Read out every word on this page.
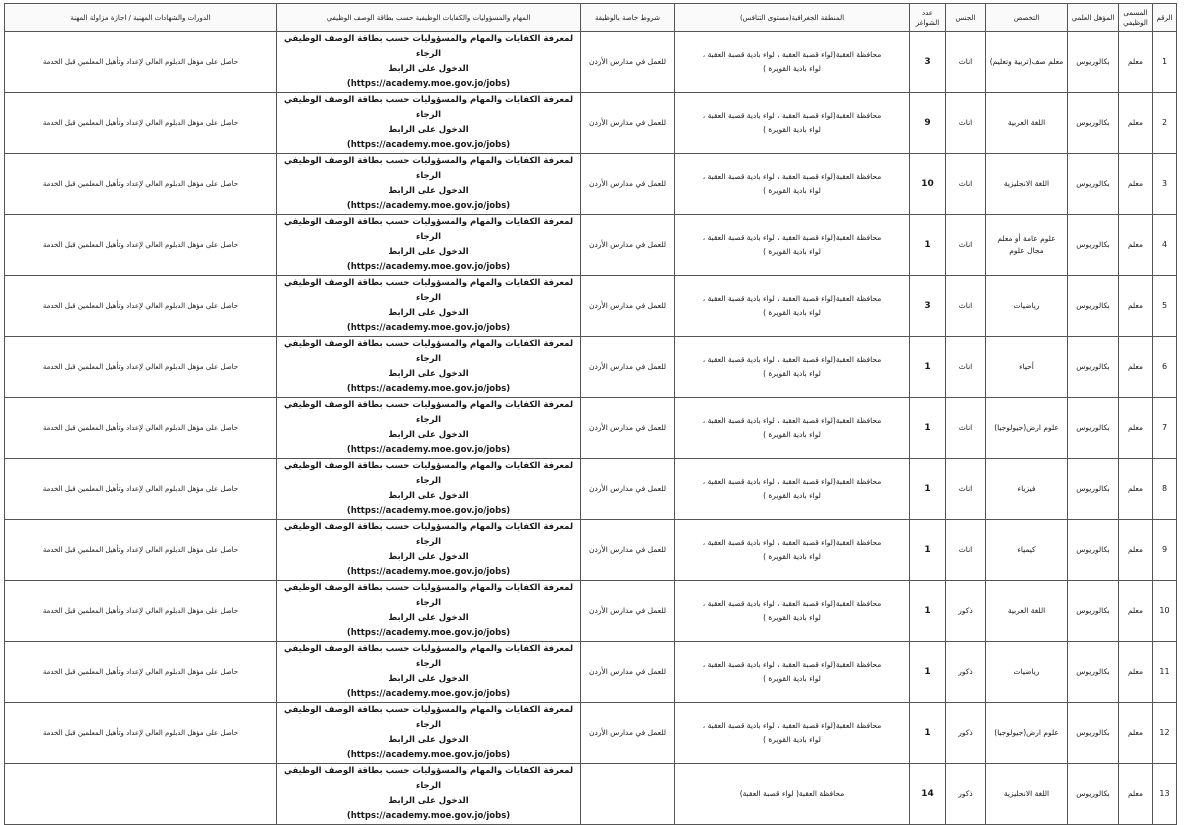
الرقم	المسمى الوظيفي	المؤهل العلمي	التخصص	الجنس	عدد الشواغر	المنطقة الجغرافية(مستوى التنافس)	شروط خاصة بالوظيفة	المهام والمسؤوليات والكفايات الوظيفية حسب بطاقة الوصف الوظيفي	الدورات والشهادات المهنية / اجازة مزاولة المهنة
1	معلم	بكالوريوس	معلم صف(تربية وتعليم)	اناث	3	محافظة العقبة(لواء قصبة العقبة ، لواء بادية قصبة العقبة ،
لواء بادية القويرة )	للعمل في مدارس الأردن	لمعرفة الكفايات والمهام والمسؤوليات حسب بطاقة الوصف الوظيفي الرجاء
الدخول على الرابط
(https://academy.moe.gov.jo/jobs)	حاصل على مؤهل الدبلوم العالي لإعداد وتأهيل المعلمين قبل الخدمة
2	معلم	بكالوريوس	اللغة العربية	اناث	9	محافظة العقبة(لواء قصبة العقبة ، لواء بادية قصبة العقبة ،
لواء بادية القويرة )	للعمل في مدارس الأردن	لمعرفة الكفايات والمهام والمسؤوليات حسب بطاقة الوصف الوظيفي الرجاء
الدخول على الرابط
(https://academy.moe.gov.jo/jobs)	حاصل على مؤهل الدبلوم العالي لإعداد وتأهيل المعلمين قبل الخدمة
3	معلم	بكالوريوس	اللغة الانجليزية	اناث	10	محافظة العقبة(لواء قصبة العقبة ، لواء بادية قصبة العقبة ،
لواء بادية القويرة )	للعمل في مدارس الأردن	لمعرفة الكفايات والمهام والمسؤوليات حسب بطاقة الوصف الوظيفي الرجاء
الدخول على الرابط
(https://academy.moe.gov.jo/jobs)	حاصل على مؤهل الدبلوم العالي لإعداد وتأهيل المعلمين قبل الخدمة
4	معلم	بكالوريوس	علوم عامة أو معلم مجال علوم	اناث	1	محافظة العقبة(لواء قصبة العقبة ، لواء بادية قصبة العقبة ،
لواء بادية القويرة )	للعمل في مدارس الأردن	لمعرفة الكفايات والمهام والمسؤوليات حسب بطاقة الوصف الوظيفي الرجاء
الدخول على الرابط
(https://academy.moe.gov.jo/jobs)	حاصل على مؤهل الدبلوم العالي لإعداد وتأهيل المعلمين قبل الخدمة
5	معلم	بكالوريوس	رياضيات	اناث	3	محافظة العقبة(لواء قصبة العقبة ، لواء بادية قصبة العقبة ،
لواء بادية القويرة )	للعمل في مدارس الأردن	لمعرفة الكفايات والمهام والمسؤوليات حسب بطاقة الوصف الوظيفي الرجاء
الدخول على الرابط
(https://academy.moe.gov.jo/jobs)	حاصل على مؤهل الدبلوم العالي لإعداد وتأهيل المعلمين قبل الخدمة
6	معلم	بكالوريوس	أحياء	اناث	1	محافظة العقبة(لواء قصبة العقبة ، لواء بادية قصبة العقبة ،
لواء بادية القويرة )	للعمل في مدارس الأردن	لمعرفة الكفايات والمهام والمسؤوليات حسب بطاقة الوصف الوظيفي الرجاء
الدخول على الرابط
(https://academy.moe.gov.jo/jobs)	حاصل على مؤهل الدبلوم العالي لإعداد وتأهيل المعلمين قبل الخدمة
7	معلم	بكالوريوس	علوم ارض(جيولوجيا)	اناث	1	محافظة العقبة(لواء قصبة العقبة ، لواء بادية قصبة العقبة ،
لواء بادية القويرة )	للعمل في مدارس الأردن	لمعرفة الكفايات والمهام والمسؤوليات حسب بطاقة الوصف الوظيفي الرجاء
الدخول على الرابط
(https://academy.moe.gov.jo/jobs)	حاصل على مؤهل الدبلوم العالي لإعداد وتأهيل المعلمين قبل الخدمة
8	معلم	بكالوريوس	فيزياء	اناث	1	محافظة العقبة(لواء قصبة العقبة ، لواء بادية قصبة العقبة ،
لواء بادية القويرة )	للعمل في مدارس الأردن	لمعرفة الكفايات والمهام والمسؤوليات حسب بطاقة الوصف الوظيفي الرجاء
الدخول على الرابط
(https://academy.moe.gov.jo/jobs)	حاصل على مؤهل الدبلوم العالي لإعداد وتأهيل المعلمين قبل الخدمة
9	معلم	بكالوريوس	كيمياء	اناث	1	محافظة العقبة(لواء قصبة العقبة ، لواء بادية قصبة العقبة ،
لواء بادية القويرة )	للعمل في مدارس الأردن	لمعرفة الكفايات والمهام والمسؤوليات حسب بطاقة الوصف الوظيفي الرجاء
الدخول على الرابط
(https://academy.moe.gov.jo/jobs)	حاصل على مؤهل الدبلوم العالي لإعداد وتأهيل المعلمين قبل الخدمة
10	معلم	بكالوريوس	اللغة العربية	ذكور	1	محافظة العقبة(لواء قصبة العقبة ، لواء بادية قصبة العقبة ،
لواء بادية القويرة )	للعمل في مدارس الأردن	لمعرفة الكفايات والمهام والمسؤوليات حسب بطاقة الوصف الوظيفي الرجاء
الدخول على الرابط
(https://academy.moe.gov.jo/jobs)	حاصل على مؤهل الدبلوم العالي لإعداد وتأهيل المعلمين قبل الخدمة
11	معلم	بكالوريوس	رياضيات	ذكور	1	محافظة العقبة(لواء قصبة العقبة ، لواء بادية قصبة العقبة ،
لواء بادية القويرة )	للعمل في مدارس الأردن	لمعرفة الكفايات والمهام والمسؤوليات حسب بطاقة الوصف الوظيفي الرجاء
الدخول على الرابط
(https://academy.moe.gov.jo/jobs)	حاصل على مؤهل الدبلوم العالي لإعداد وتأهيل المعلمين قبل الخدمة
12	معلم	بكالوريوس	علوم ارض(جيولوجيا)	ذكور	1	محافظة العقبة(لواء قصبة العقبة ، لواء بادية قصبة العقبة ،
لواء بادية القويرة )	للعمل في مدارس الأردن	لمعرفة الكفايات والمهام والمسؤوليات حسب بطاقة الوصف الوظيفي الرجاء
الدخول على الرابط
(https://academy.moe.gov.jo/jobs)	حاصل على مؤهل الدبلوم العالي لإعداد وتأهيل المعلمين قبل الخدمة
13	معلم	بكالوريوس	اللغة الانجليزية	ذكور	14	محافظة العقبة( لواء قصبة العقبة)		لمعرفة الكفايات والمهام والمسؤوليات حسب بطاقة الوصف الوظيفي الرجاء
الدخول على الرابط
(https://academy.moe.gov.jo/jobs)	
